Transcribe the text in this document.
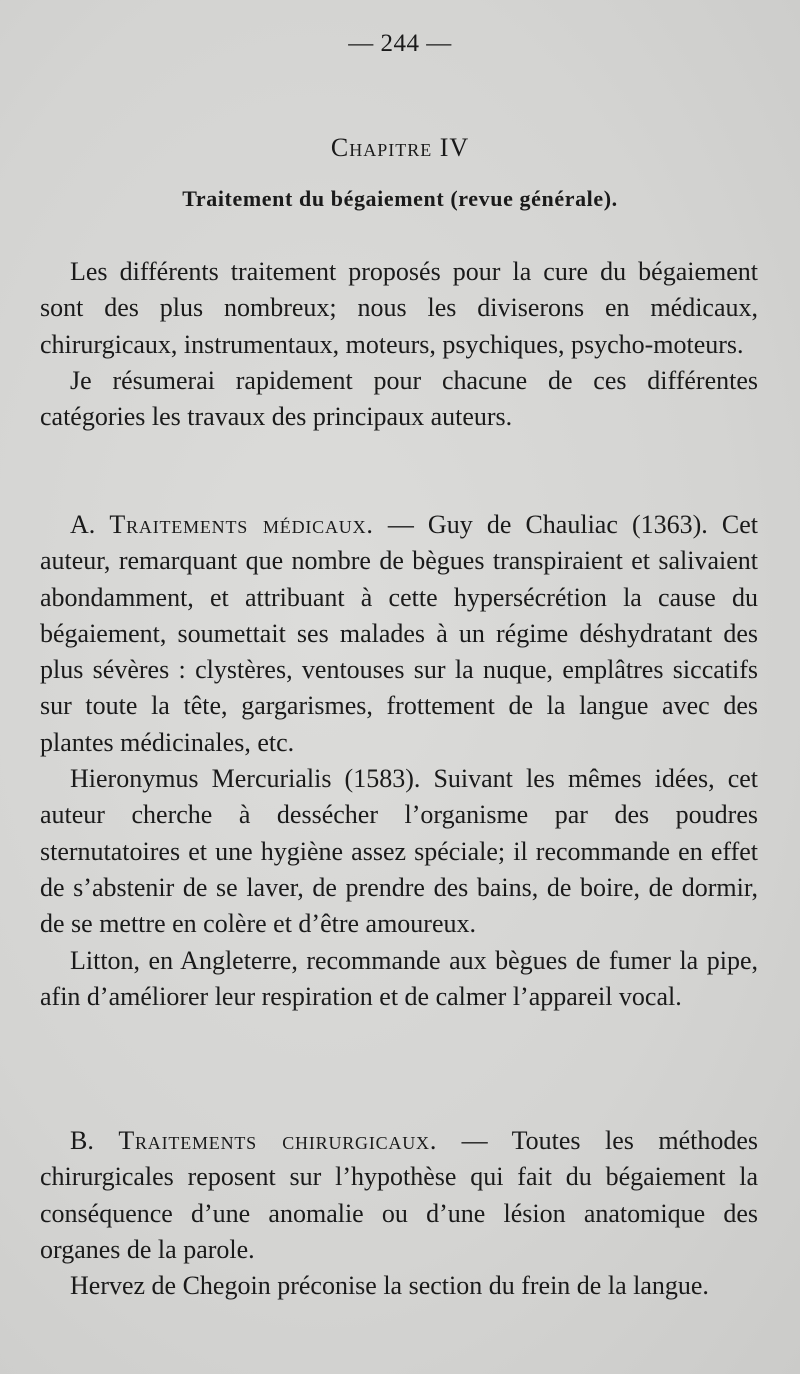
— 244 —
Chapitre IV
Traitement du bégaiement (revue générale).

Les différents traitement proposés pour la cure du bégaiement sont des plus nombreux; nous les diviserons en médicaux, chirurgicaux, instrumentaux, moteurs, psychiques, psycho-moteurs.

Je résumerai rapidement pour chacune de ces différentes catégories les travaux des principaux auteurs.

A. Traitements médicaux. — Guy de Chauliac (1363). Cet auteur, remarquant que nombre de bègues transpiraient et salivaient abondamment, et attribuant à cette hypersécrétion la cause du bégaiement, soumettait ses malades à un régime déshydratant des plus sévères : clystères, ventouses sur la nuque, emplâtres siccatifs sur toute la tête, gargarismes, frottement de la langue avec des plantes médicinales, etc.

Hieronymus Mercurialis (1583). Suivant les mêmes idées, cet auteur cherche à dessécher l’organisme par des poudres sternutatoires et une hygiène assez spéciale; il recommande en effet de s’abstenir de se laver, de prendre des bains, de boire, de dormir, de se mettre en colère et d’être amoureux.

Litton, en Angleterre, recommande aux bègues de fumer la pipe, afin d’améliorer leur respiration et de calmer l’appareil vocal.

B. Traitements chirurgicaux. — Toutes les méthodes chirurgicales reposent sur l’hypothèse qui fait du bégaiement la conséquence d’une anomalie ou d’une lésion anatomique des organes de la parole.

Hervez de Chegoin préconise la section du frein de la langue.
